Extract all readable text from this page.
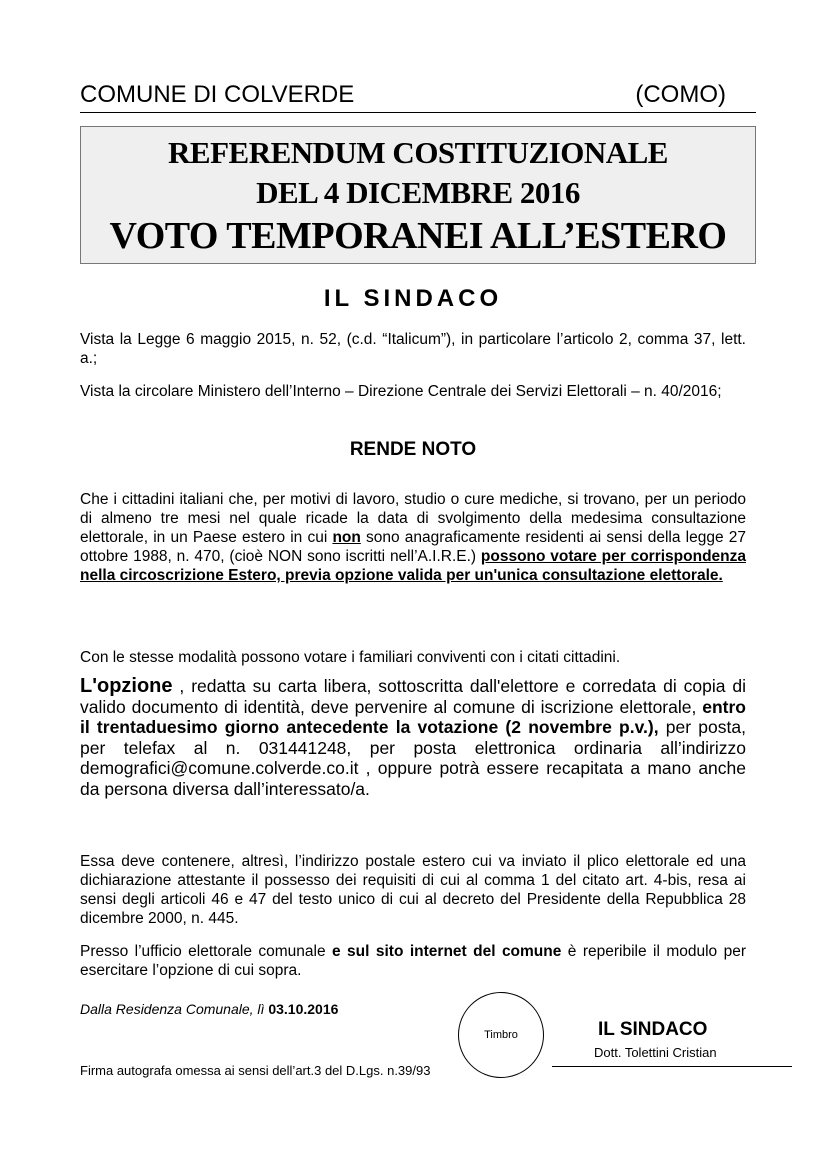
COMUNE DI COLVERDE	(COMO)
REFERENDUM COSTITUZIONALE
DEL 4 DICEMBRE 2016
VOTO TEMPORANEI ALL’ESTERO
IL SINDACO
Vista la Legge 6 maggio 2015, n. 52, (c.d. “Italicum”), in particolare l’articolo 2, comma 37, lett. a.;
Vista la circolare Ministero dell’Interno – Direzione Centrale dei Servizi Elettorali – n. 40/2016;
RENDE NOTO
Che i cittadini italiani che, per motivi di lavoro, studio o cure mediche, si trovano, per un periodo di almeno tre mesi nel quale ricade la data di svolgimento della medesima consultazione elettorale, in un Paese estero in cui non sono anagraficamente residenti ai sensi della legge 27 ottobre 1988, n. 470, (cioè NON sono iscritti nell’A.I.R.E.) possono votare per corrispondenza nella circoscrizione Estero, previa opzione valida per un'unica consultazione elettorale.
Con le stesse modalità possono votare i familiari conviventi con i citati cittadini.
L'opzione , redatta su carta libera, sottoscritta dall'elettore e corredata di copia di valido documento di identità, deve pervenire al comune di iscrizione elettorale, entro il trentaduesimo giorno antecedente la votazione (2 novembre p.v.), per posta, per telefax al n. 031441248, per posta elettronica ordinaria all’indirizzo demografici@comune.colverde.co.it , oppure potrà essere recapitata a mano anche da persona diversa dall’interessato/a.
Essa deve contenere, altresì, l’indirizzo postale estero cui va inviato il plico elettorale ed una dichiarazione attestante il possesso dei requisiti di cui al comma 1 del citato art. 4-bis, resa ai sensi degli articoli 46 e 47 del testo unico di cui al decreto del Presidente della Repubblica 28 dicembre 2000, n. 445.
Presso l’ufficio elettorale comunale e sul sito internet del comune è reperibile il modulo per esercitare l’opzione di cui sopra.
Dalla Residenza Comunale, lì 03.10.2016
Timbro	IL SINDACO
Dott. Tolettini Cristian
Firma autografa omessa ai sensi dell’art.3 del D.Lgs. n.39/93
